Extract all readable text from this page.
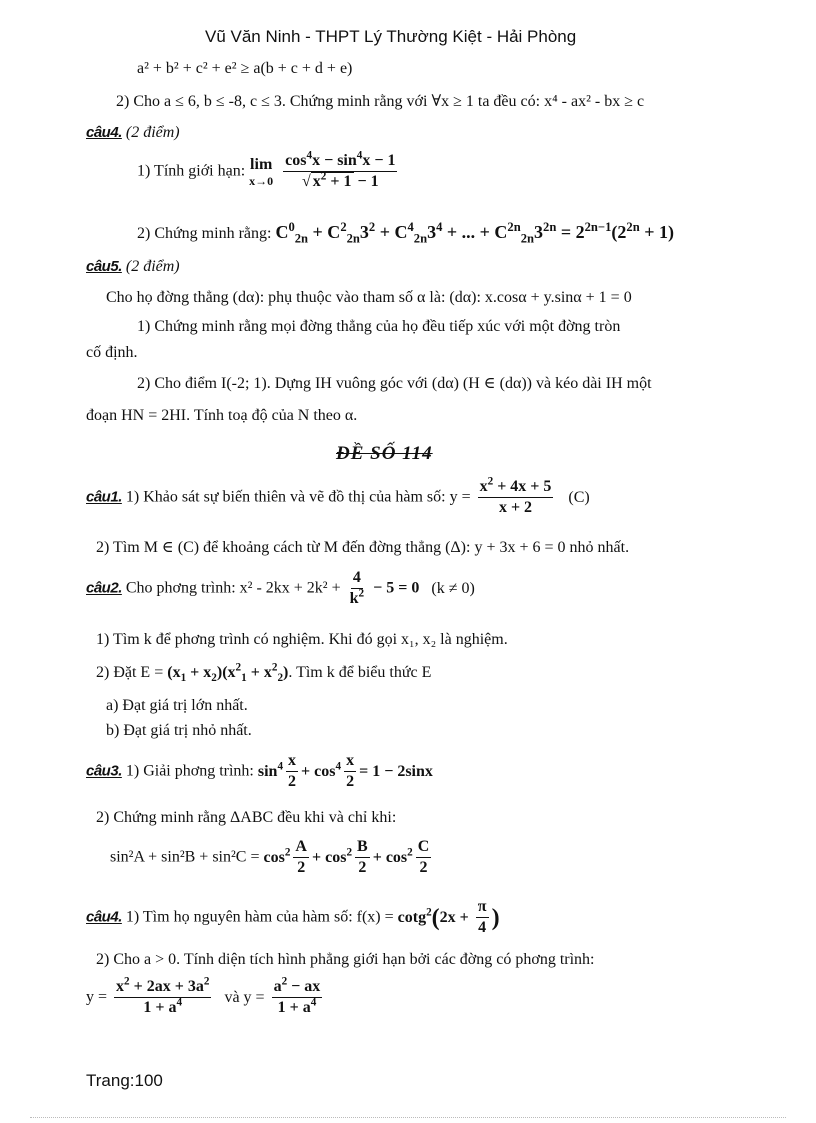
Vũ Văn Ninh - THPT Lý Thường Kiệt - Hải Phòng
a² + b² + c² + e² ≥ a(b + c + d + e)
2) Cho a ≤ 6, b ≤ -8, c ≤ 3. Chứng minh rằng với ∀x ≥ 1 ta đều có: x⁴ - ax² - bx ≥ c
câu4. (2 điểm)
1) Tính giới hạn: lim
x→0
$\frac{\cos^4x - \sin^4x - 1}{√ x^2 + 1 - 1}$
2) Chứng minh rằng: $C^0_{2n} + C^2_{2n}3^2 + C^4_{2n}3^4$ + ... + $C^{2n}_{2n}3^{2n} = 2^{2n-1}(2^{2n} + 1)$
câu5. (2 điểm)
Cho họ đờng thẳng (dα): phụ thuộc vào tham số α là: (dα): x.cosα + y.sinα + 1 = 0
1) Chứng minh rằng mọi đờng thẳng của họ đều tiếp xúc với một đờng tròn
cố định.
2) Cho điểm I(-2; 1). Dựng IH vuông góc với (dα) (H ∈ (dα)) và kéo dài IH một
đoạn HN = 2HI. Tính toạ độ của N theo α.
ĐỀ SỐ 114
câu1. 1) Khảo sát sự biến thiên và vẽ đồ thị của hàm số: $y = \frac{x^2 + 4x + 5}{x + 2} (C)$
2) Tìm M ∈ (C) để khoảng cách từ M đến đờng thẳng (Δ): y + 3x + 6 = 0 nhỏ nhất.
câu2. Cho phơng trình: $x^2 - 2kx + 2k^2 + \frac{4}{k^2} - 5 = 0$ (k ≠ 0)
1) Tìm k để phơng trình có nghiệm. Khi đó gọi x₁, x₂ là nghiệm.
2) Đặt $E = (x_1 + x_2)(x^2_1 + x^2_2)$. Tìm k để biểu thức E
a) Đạt giá trị lớn nhất.
b) Đạt giá trị nhỏ nhất.
câu3. 1) Giải phơng trình: $\sin^4 \frac{x}{2} + \cos^4 \frac{x}{2} = 1 - 2\sin x$
2) Chứng minh rằng ΔABC đều khi và chỉ khi:
$\sin^2A + \sin^2B + \sin^2C = \cos^2 \frac{A}{2} + \cos^2 \frac{B}{2} + \cos^2 \frac{C}{2}$
câu4. 1) Tìm họ nguyên hàm của hàm số: $f(x) = \cot g^2(2x + \frac{\pi}{4}$ )
2) Cho a > 0. Tính diện tích hình phẳng giới hạn bởi các đờng có phơng trình:
$y = \frac{x^2 + 2ax + 3a^2}{1 + a^4}$ và $y = \frac{a^2 - ax}{1 + a^4}$
Trang:100
